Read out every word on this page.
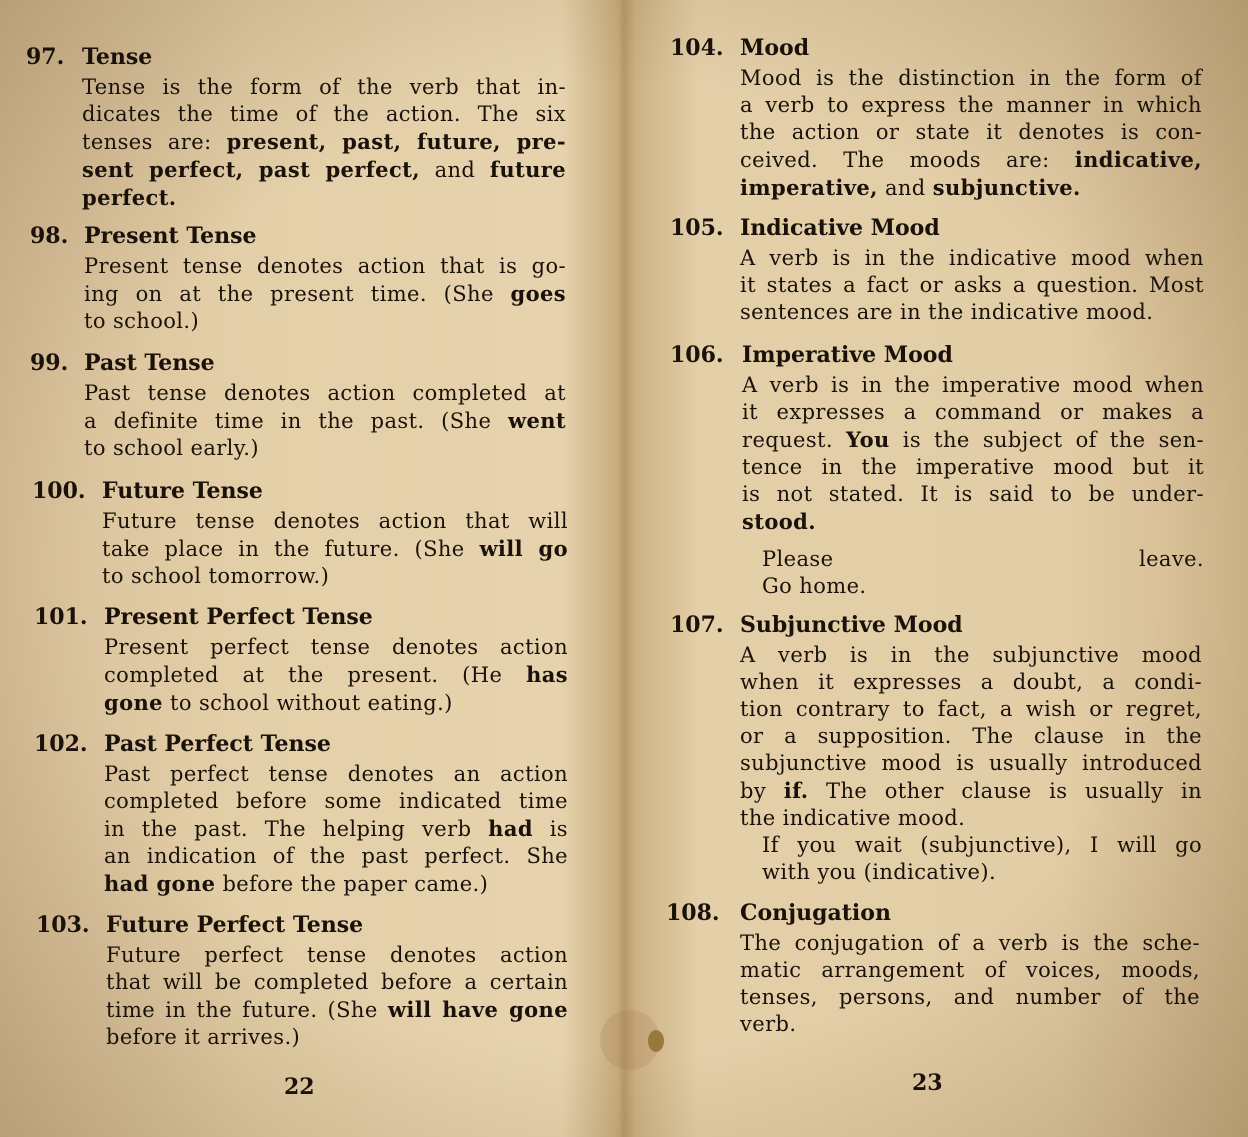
97. Tense
Tense is the form of the verb that in-
dicates the time of the action. The six
tenses are: present, past, future, pre-
sent perfect, past perfect, and future
perfect.
98. Present Tense
Present tense denotes action that is go-
ing on at the present time. (She goes
to school.)
99. Past Tense
Past tense denotes action completed at
a definite time in the past. (She went
to school early.)
100. Future Tense
Future tense denotes action that will
take place in the future. (She will go
to school tomorrow.)
101. Present Perfect Tense
Present perfect tense denotes action
completed at the present. (He has
gone to school without eating.)
102. Past Perfect Tense
Past perfect tense denotes an action
completed before some indicated time
in the past. The helping verb had is
an indication of the past perfect. She
had gone before the paper came.)
103. Future Perfect Tense
Future perfect tense denotes action
that will be completed before a certain
time in the future. (She will have gone
before it arrives.)
22
104. Mood
Mood is the distinction in the form of
a verb to express the manner in which
the action or state it denotes is con-
ceived. The moods are: indicative,
imperative, and subjunctive.
105. Indicative Mood
A verb is in the indicative mood when
it states a fact or asks a question. Most
sentences are in the indicative mood.
106. Imperative Mood
A verb is in the imperative mood when
it expresses a command or makes a
request. You is the subject of the sen-
tence in the imperative mood but it
is not stated. It is said to be under-
stood.
Please leave.
Go home.
107. Subjunctive Mood
A verb is in the subjunctive mood
when it expresses a doubt, a condi-
tion contrary to fact, a wish or regret,
or a supposition. The clause in the
subjunctive mood is usually introduced
by if. The other clause is usually in
the indicative mood.
If you wait (subjunctive), I will go
with you (indicative).
108. Conjugation
The conjugation of a verb is the sche-
matic arrangement of voices, moods,
tenses, persons, and number of the
verb.
23
